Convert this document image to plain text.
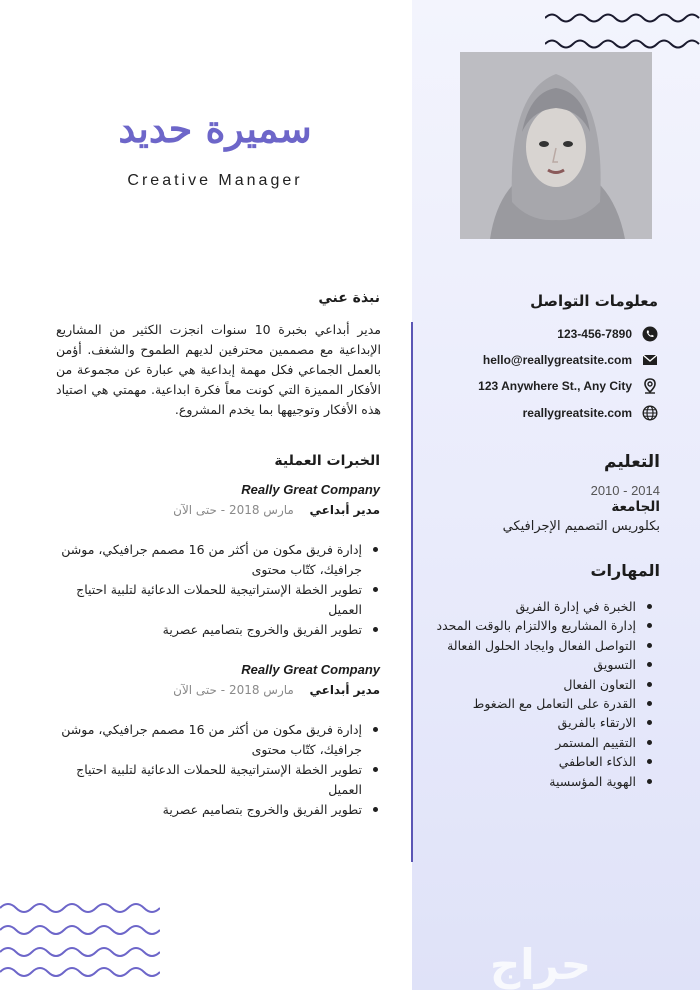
سميرة حديد
Creative Manager
نبذة عني
مدير أبداعي بخبرة 10 سنوات انجزت الكثير من المشاريع الإبداعية مع مصممين محترفين لديهم الطموح والشغف. أؤمن بالعمل الجماعي فكل مهمة إبداعية هي عبارة عن مجموعة من الأفكار المميزة التي كونت معاً فكرة ابداعية. مهمتي هي اصتياد هذه الأفكار وتوجيهها بما يخدم المشروع.
الخبرات العملية
Really Great Company
مدير أبداعي  مارس 2018 - حتى الآن
إدارة فريق مكون من أكثر من 16 مصمم جرافيكي، موشن جرافيك، كتّاب محتوى
تطوير الخطة الإستراتيجية للحملات الدعائية لتلبية احتياج العميل
تطوير الفريق والخروج بتصاميم عصرية
Really Great Company
مدير أبداعي  مارس 2018 - حتى الآن
إدارة فريق مكون من أكثر من 16 مصمم جرافيكي، موشن جرافيك، كتّاب محتوى
تطوير الخطة الإستراتيجية للحملات الدعائية لتلبية احتياج العميل
تطوير الفريق والخروج بتصاميم عصرية
معلومات التواصل
123-456-7890
hello@reallygreatsite.com
123 Anywhere St., Any City
reallygreatsite.com
التعليم
2010 - 2014
الجامعة
بكلوريس التصميم الإجرافيكي
المهارات
الخبرة في إدارة الفريق
إدارة المشاريع والالتزام بالوقت المحدد
التواصل الفعال وايجاد الحلول الفعالة
التسويق
التعاون الفعال
القدرة على التعامل مع الضغوط
الارتقاء بالفريق
التقييم المستمر
الذكاء العاطفي
الهوية المؤسسية
حراج
